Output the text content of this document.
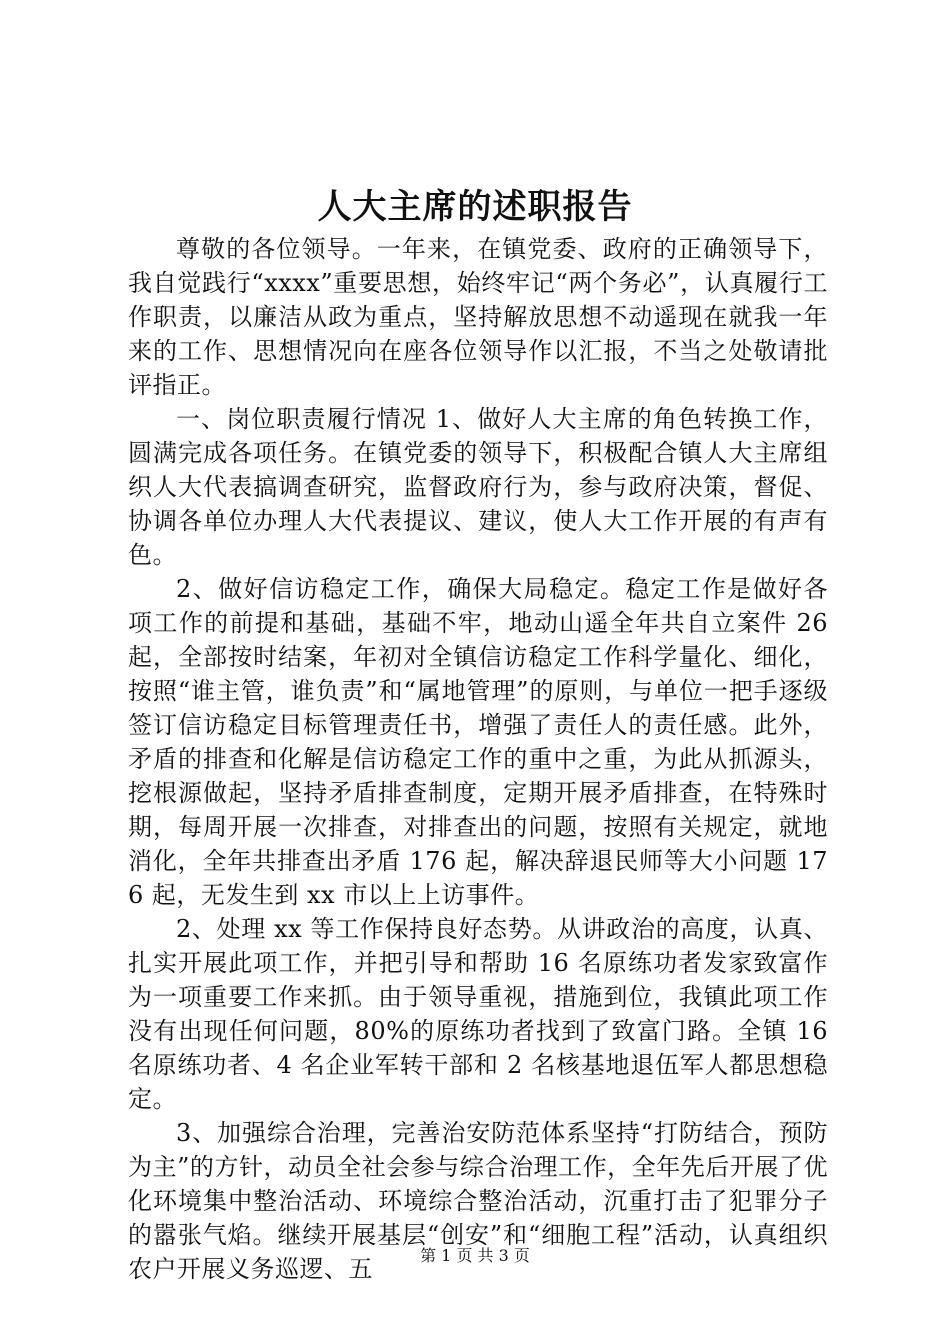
人大主席的述职报告

尊敬的各位领导。一年来，在镇党委、政府的正确领导下，我自觉践行“xxxx”重要思想，始终牢记“两个务必”，认真履行工作职责，以廉洁从政为重点，坚持解放思想不动遥现在就我一年来的工作、思想情况向在座各位领导作以汇报，不当之处敬请批评指正。

一、岗位职责履行情况 1、做好人大主席的角色转换工作，圆满完成各项任务。在镇党委的领导下，积极配合镇人大主席组织人大代表搞调查研究，监督政府行为，参与政府决策，督促、协调各单位办理人大代表提议、建议，使人大工作开展的有声有色。

2、做好信访稳定工作，确保大局稳定。稳定工作是做好各项工作的前提和基础，基础不牢，地动山遥全年共自立案件 26 起，全部按时结案，年初对全镇信访稳定工作科学量化、细化，按照“谁主管，谁负责”和“属地管理”的原则，与单位一把手逐级签订信访稳定目标管理责任书，增强了责任人的责任感。此外，矛盾的排查和化解是信访稳定工作的重中之重，为此从抓源头，挖根源做起，坚持矛盾排查制度，定期开展矛盾排查，在特殊时期，每周开展一次排查，对排查出的问题，按照有关规定，就地消化，全年共排查出矛盾 176 起，解决辞退民师等大小问题 176 起，无发生到 xx 市以上上访事件。

2、处理 xx 等工作保持良好态势。从讲政治的高度，认真、扎实开展此项工作，并把引导和帮助 16 名原练功者发家致富作为一项重要工作来抓。由于领导重视，措施到位，我镇此项工作没有出现任何问题，80%的原练功者找到了致富门路。全镇 16 名原练功者、4 名企业军转干部和 2 名核基地退伍军人都思想稳定。

3、加强综合治理，完善治安防范体系坚持“打防结合，预防为主”的方针，动员全社会参与综合治理工作，全年先后开展了优化环境集中整治活动、环境综合整治活动，沉重打击了犯罪分子的嚣张气焰。继续开展基层“创安”和“细胞工程”活动，认真组织农户开展义务巡逻、五	第 1 页 共 3 页
